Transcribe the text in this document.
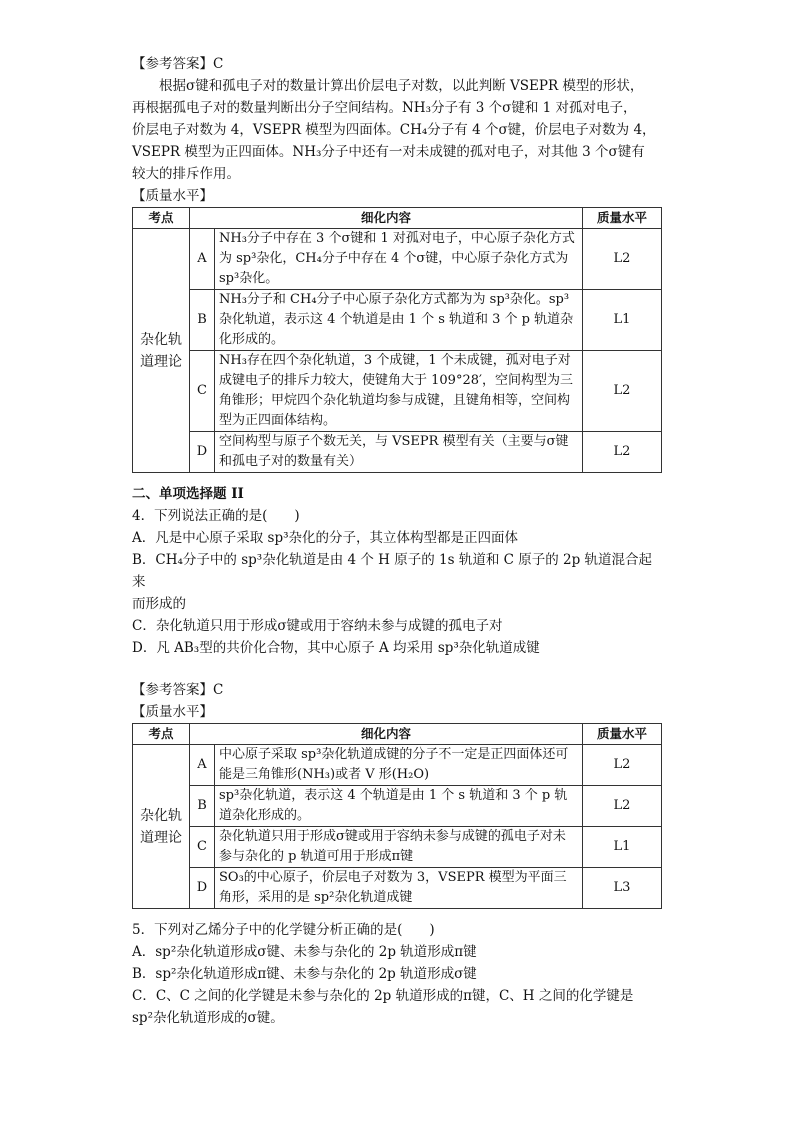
【参考答案】C

根据σ键和孤电子对的数量计算出价层电子对数，以此判断 VSEPR 模型的形状，

再根据孤电子对的数量判断出分子空间结构。NH₃分子有 3 个σ键和 1 对孤对电子，

价层电子对数为 4，VSEPR 模型为四面体。CH₄分子有 4 个σ键，价层电子对数为 4，

VSEPR 模型为正四面体。NH₃分子中还有一对未成键的孤对电子，对其他 3 个σ键有

较大的排斥作用。

【质量水平】

考点	细化内容		质量水平
杂化轨道理论	A	NH₃分子中存在 3 个σ键和 1 对孤对电子，中心原子杂化方式为 sp³杂化，CH₄分子中存在 4 个σ键，中心原子杂化方式为 sp³杂化。	L2
	B	NH₃分子和 CH₄分子中心原子杂化方式都为为 sp³杂化。sp³杂化轨道，表示这 4 个轨道是由 1 个 s 轨道和 3 个 p 轨道杂化形成的。	L1
	C	NH₃存在四个杂化轨道，3 个成键，1 个未成键，孤对电子对成键电子的排斥力较大，使键角大于 109°28′，空间构型为三角锥形；甲烷四个杂化轨道均参与成键，且键角相等，空间构型为正四面体结构。	L2
	D	空间构型与原子个数无关，与 VSEPR 模型有关（主要与σ键和孤电子对的数量有关）	L2

二、单项选择题 II

4．下列说法正确的是(　　)

A．凡是中心原子采取 sp³杂化的分子，其立体构型都是正四面体

B．CH₄分子中的 sp³杂化轨道是由 4 个 H 原子的 1s 轨道和 C 原子的 2p 轨道混合起来

而形成的

C．杂化轨道只用于形成σ键或用于容纳未参与成键的孤电子对

D．凡 AB₃型的共价化合物，其中心原子 A 均采用 sp³杂化轨道成键

【参考答案】C

【质量水平】

考点	细化内容		质量水平
杂化轨道理论	A	中心原子采取 sp³杂化轨道成键的分子不一定是正四面体还可能是三角锥形(NH₃)或者 V 形(H₂O)	L2
	B	sp³杂化轨道，表示这 4 个轨道是由 1 个 s 轨道和 3 个 p 轨道杂化形成的。	L2
	C	杂化轨道只用于形成σ键或用于容纳未参与成键的孤电子对未参与杂化的 p 轨道可用于形成π键	L1
	D	SO₃的中心原子，价层电子对数为 3，VSEPR 模型为平面三角形，采用的是 sp²杂化轨道成键	L3

5．下列对乙烯分子中的化学键分析正确的是(　　)

A．sp²杂化轨道形成σ键、未参与杂化的 2p 轨道形成π键

B．sp²杂化轨道形成π键、未参与杂化的 2p 轨道形成σ键

C．C、C 之间的化学键是未参与杂化的 2p 轨道形成的π键，C、H 之间的化学键是

sp²杂化轨道形成的σ键。
